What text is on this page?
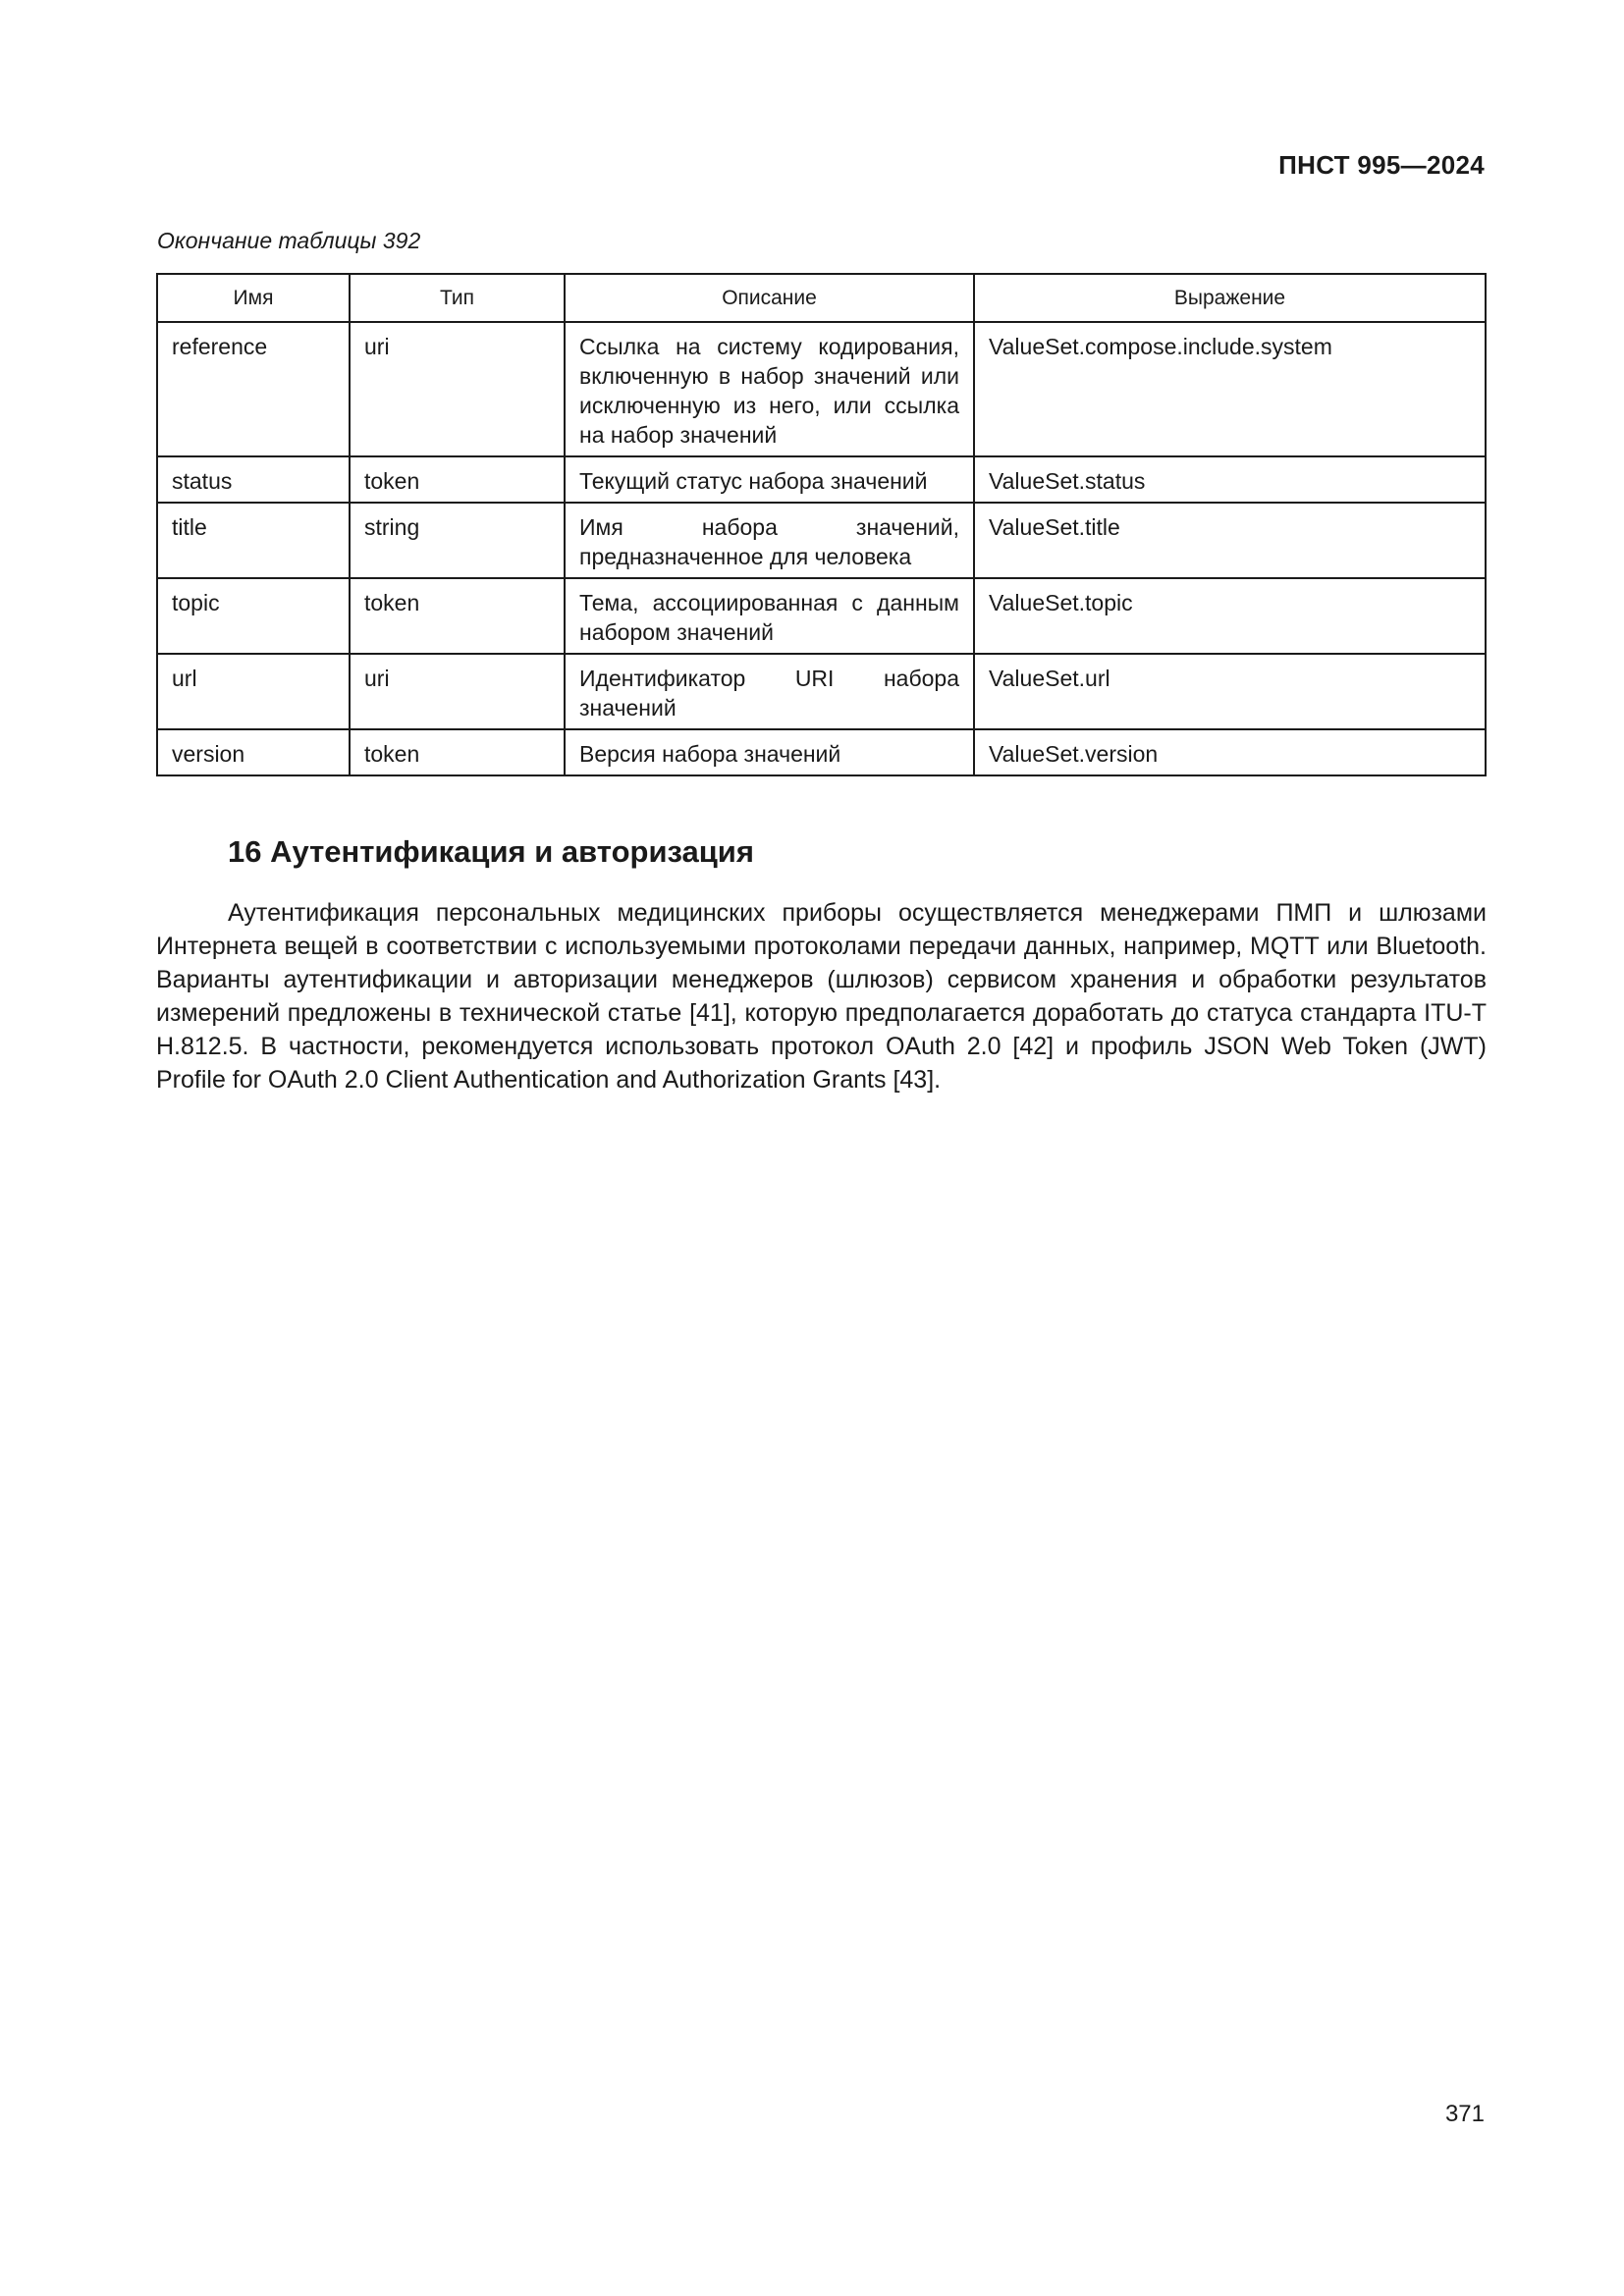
ПНСТ 995—2024
Окончание таблицы 392
Имя	Тип	Описание	Выражение
reference	uri	Ссылка на систему кодирования, включенную в набор значений или исключенную из него, или ссылка на набор значений	ValueSet.compose.include.system
status	token	Текущий статус набора значений	ValueSet.status
title	string	Имя набора значений, предназначенное для человека	ValueSet.title
topic	token	Тема, ассоциированная с данным набором значений	ValueSet.topic
url	uri	Идентификатор URI набора значений	ValueSet.url
version	token	Версия набора значений	ValueSet.version
16 Аутентификация и авторизация

Аутентификация персональных медицинских приборы осуществляется менеджерами ПМП и шлюзами Интернета вещей в соответствии с используемыми протоколами передачи данных, например, MQTT или Bluetooth. Варианты аутентификации и авторизации менеджеров (шлюзов) сервисом хранения и обработки результатов измерений предложены в технической статье [41], которую предполагается доработать до статуса стандарта ITU-T H.812.5. В частности, рекомендуется использовать протокол OAuth 2.0 [42] и профиль JSON Web Token (JWT) Profile for OAuth 2.0 Client Authentication and Authorization Grants [43].

371
